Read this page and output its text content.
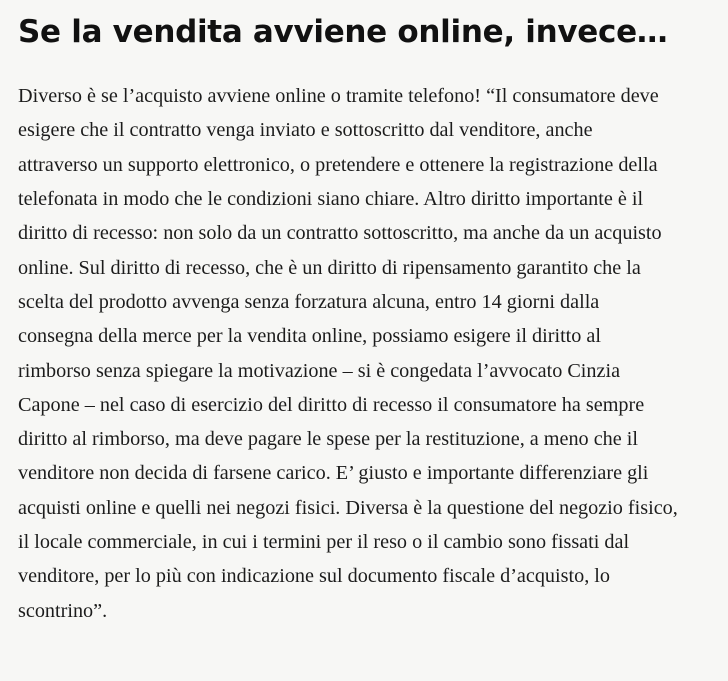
Se la vendita avviene online, invece…

Diverso è se l’acquisto avviene online o tramite telefono! “Il consumatore deve
esigere che il contratto venga inviato e sottoscritto dal venditore, anche
attraverso un supporto elettronico, o pretendere e ottenere la registrazione della
telefonata in modo che le condizioni siano chiare. Altro diritto importante è il
diritto di recesso: non solo da un contratto sottoscritto, ma anche da un acquisto
online. Sul diritto di recesso, che è un diritto di ripensamento garantito che la
scelta del prodotto avvenga senza forzatura alcuna, entro 14 giorni dalla
consegna della merce per la vendita online, possiamo esigere il diritto al
rimborso senza spiegare la motivazione – si è congedata l’avvocato Cinzia
Capone – nel caso di esercizio del diritto di recesso il consumatore ha sempre
diritto al rimborso, ma deve pagare le spese per la restituzione, a meno che il
venditore non decida di farsene carico. E’ giusto e importante differenziare gli
acquisti online e quelli nei negozi fisici. Diversa è la questione del negozio fisico,
il locale commerciale, in cui i termini per il reso o il cambio sono fissati dal
venditore, per lo più con indicazione sul documento fiscale d’acquisto, lo
scontrino”.
